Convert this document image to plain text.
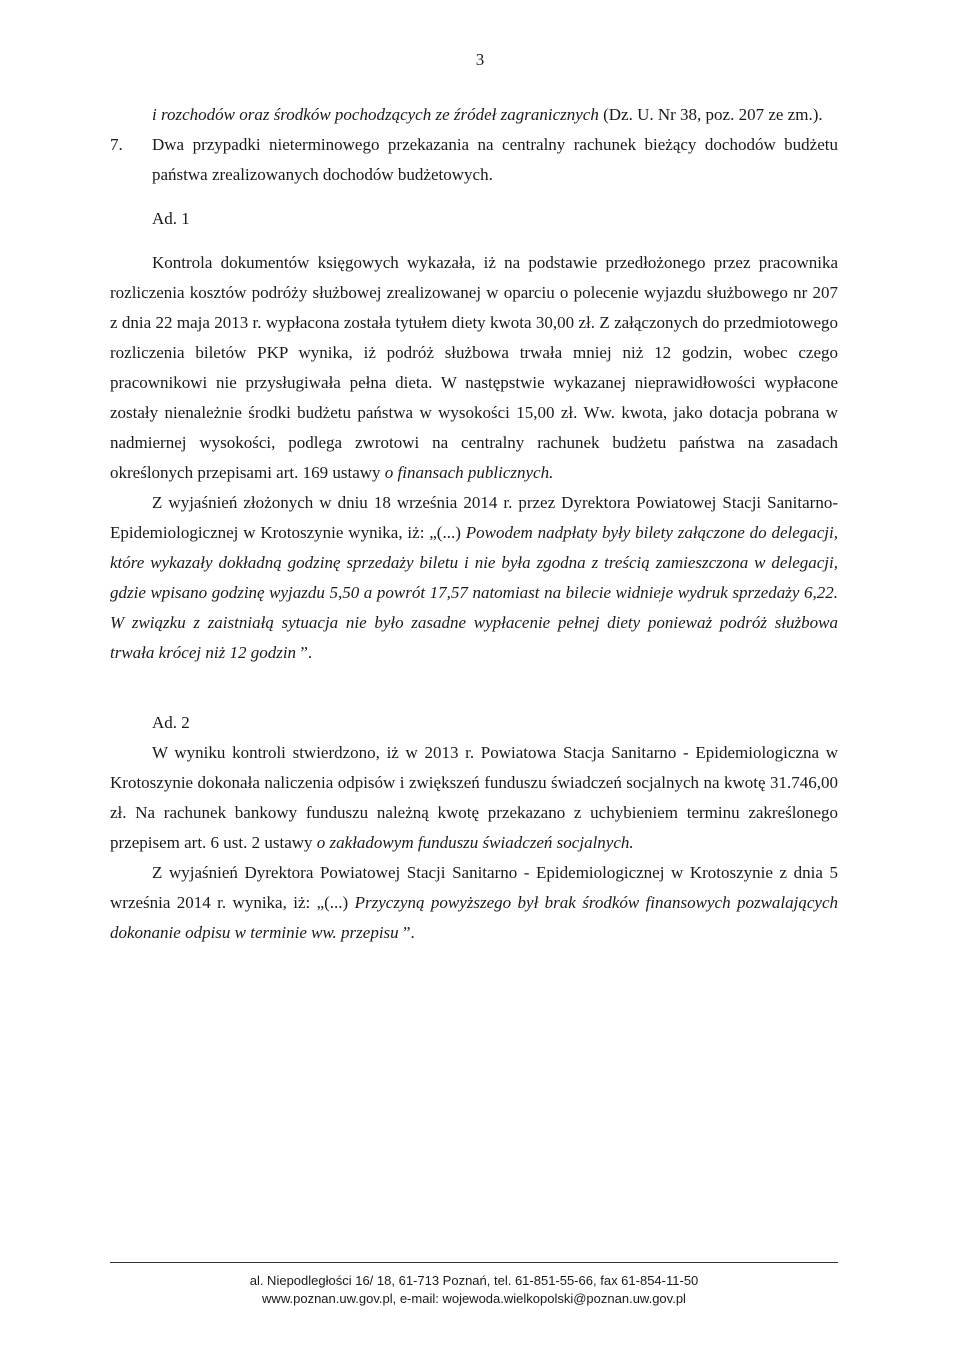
3

i rozchodów oraz środków pochodzących ze źródeł zagranicznych (Dz. U. Nr 38, poz. 207 ze zm.).

7.	Dwa przypadki nieterminowego przekazania na centralny rachunek bieżący dochodów budżetu państwa zrealizowanych dochodów budżetowych.

Ad. 1

Kontrola dokumentów księgowych wykazała, iż na podstawie przedłożonego przez pracownika rozliczenia kosztów podróży służbowej zrealizowanej w oparciu o polecenie wyjazdu służbowego nr 207 z dnia 22 maja 2013 r. wypłacona została tytułem diety kwota 30,00 zł. Z załączonych do przedmiotowego rozliczenia biletów PKP wynika, iż podróż służbowa trwała mniej niż 12 godzin, wobec czego pracownikowi nie przysługiwała pełna dieta. W następstwie wykazanej nieprawidłowości wypłacone zostały nienależnie środki budżetu państwa w wysokości 15,00 zł. Ww. kwota, jako dotacja pobrana w nadmiernej wysokości, podlega zwrotowi na centralny rachunek budżetu państwa na zasadach określonych przepisami art. 169 ustawy o finansach publicznych.

Z wyjaśnień złożonych w dniu 18 września 2014 r. przez Dyrektora Powiatowej Stacji Sanitarno-Epidemiologicznej w Krotoszynie wynika, iż: „(...) Powodem nadpłaty były bilety załączone do delegacji, które wykazały dokładną godzinę sprzedaży biletu i nie była zgodna z treścią zamieszczona w delegacji, gdzie wpisano godzinę wyjazdu 5,50 a powrót 17,57 natomiast na bilecie widnieje wydruk sprzedaży 6,22. W związku z zaistniałą sytuacja nie było zasadne wypłacenie pełnej diety ponieważ podróż służbowa trwała krócej niż 12 godzin ”.

Ad. 2

W wyniku kontroli stwierdzono, iż w 2013 r. Powiatowa Stacja Sanitarno - Epidemiologiczna w Krotoszynie dokonała naliczenia odpisów i zwiększeń funduszu świadczeń socjalnych na kwotę 31.746,00 zł. Na rachunek bankowy funduszu należną kwotę przekazano z uchybieniem terminu zakreślonego przepisem art. 6 ust. 2 ustawy o zakładowym funduszu świadczeń socjalnych.

Z wyjaśnień Dyrektora Powiatowej Stacji Sanitarno - Epidemiologicznej w Krotoszynie z dnia 5 września 2014 r. wynika, iż: „(...) Przyczyną powyższego był brak środków finansowych pozwalających dokonanie odpisu w terminie ww. przepisu ”.

al. Niepodległości 16/ 18, 61-713 Poznań, tel. 61-851-55-66, fax 61-854-11-50
www.poznan.uw.gov.pl, e-mail: wojewoda.wielkopolski@poznan.uw.gov.pl
